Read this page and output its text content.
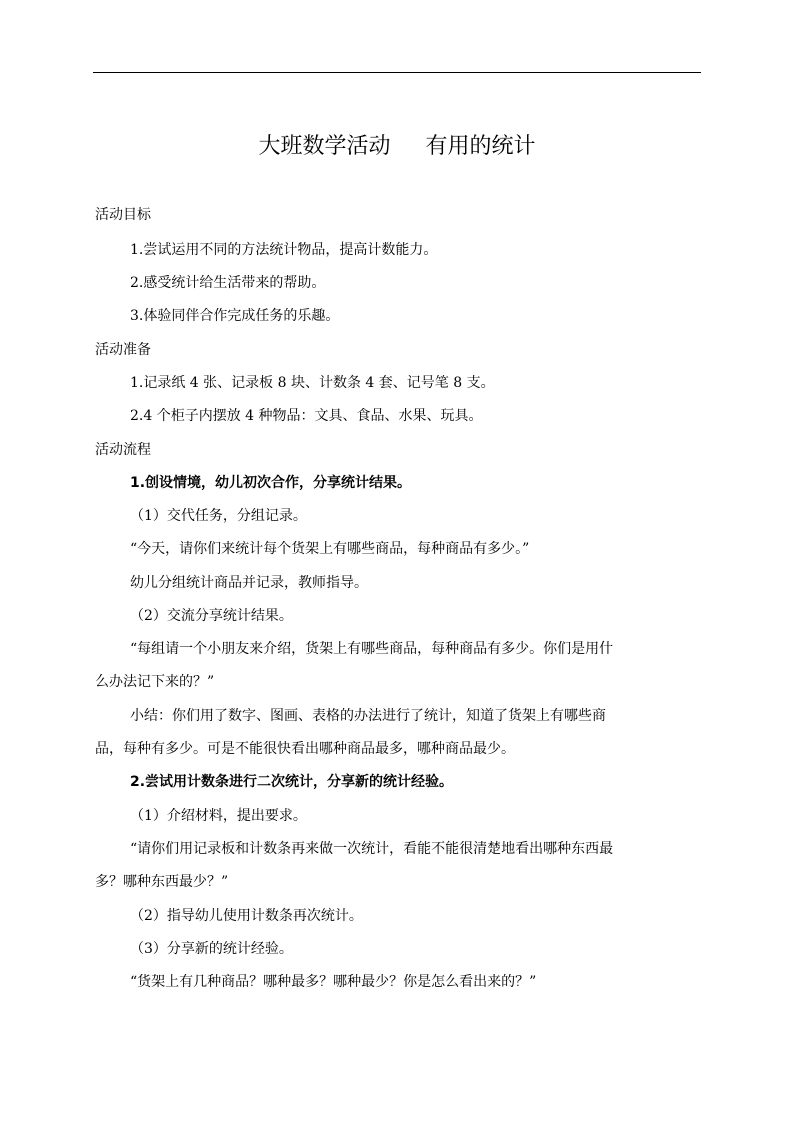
大班数学活动     有用的统计
活动目标
1.尝试运用不同的方法统计物品，提高计数能力。
2.感受统计给生活带来的帮助。
3.体验同伴合作完成任务的乐趣。
活动准备
1.记录纸 4 张、记录板 8 块、计数条 4 套、记号笔 8 支。
2.4 个柜子内摆放 4 种物品：文具、食品、水果、玩具。
活动流程
1.创设情境，幼儿初次合作，分享统计结果。
（1）交代任务，分组记录。
“今天，请你们来统计每个货架上有哪些商品，每种商品有多少。”
幼儿分组统计商品并记录，教师指导。
（2）交流分享统计结果。
“每组请一个小朋友来介绍，货架上有哪些商品，每种商品有多少。你们是用什
么办法记下来的？”
小结：你们用了数字、图画、表格的办法进行了统计，知道了货架上有哪些商
品，每种有多少。可是不能很快看出哪种商品最多，哪种商品最少。
2.尝试用计数条进行二次统计，分享新的统计经验。
（1）介绍材料，提出要求。
“请你们用记录板和计数条再来做一次统计，看能不能很清楚地看出哪种东西最
多？哪种东西最少？”
（2）指导幼儿使用计数条再次统计。
（3）分享新的统计经验。
“货架上有几种商品？哪种最多？哪种最少？你是怎么看出来的？”
